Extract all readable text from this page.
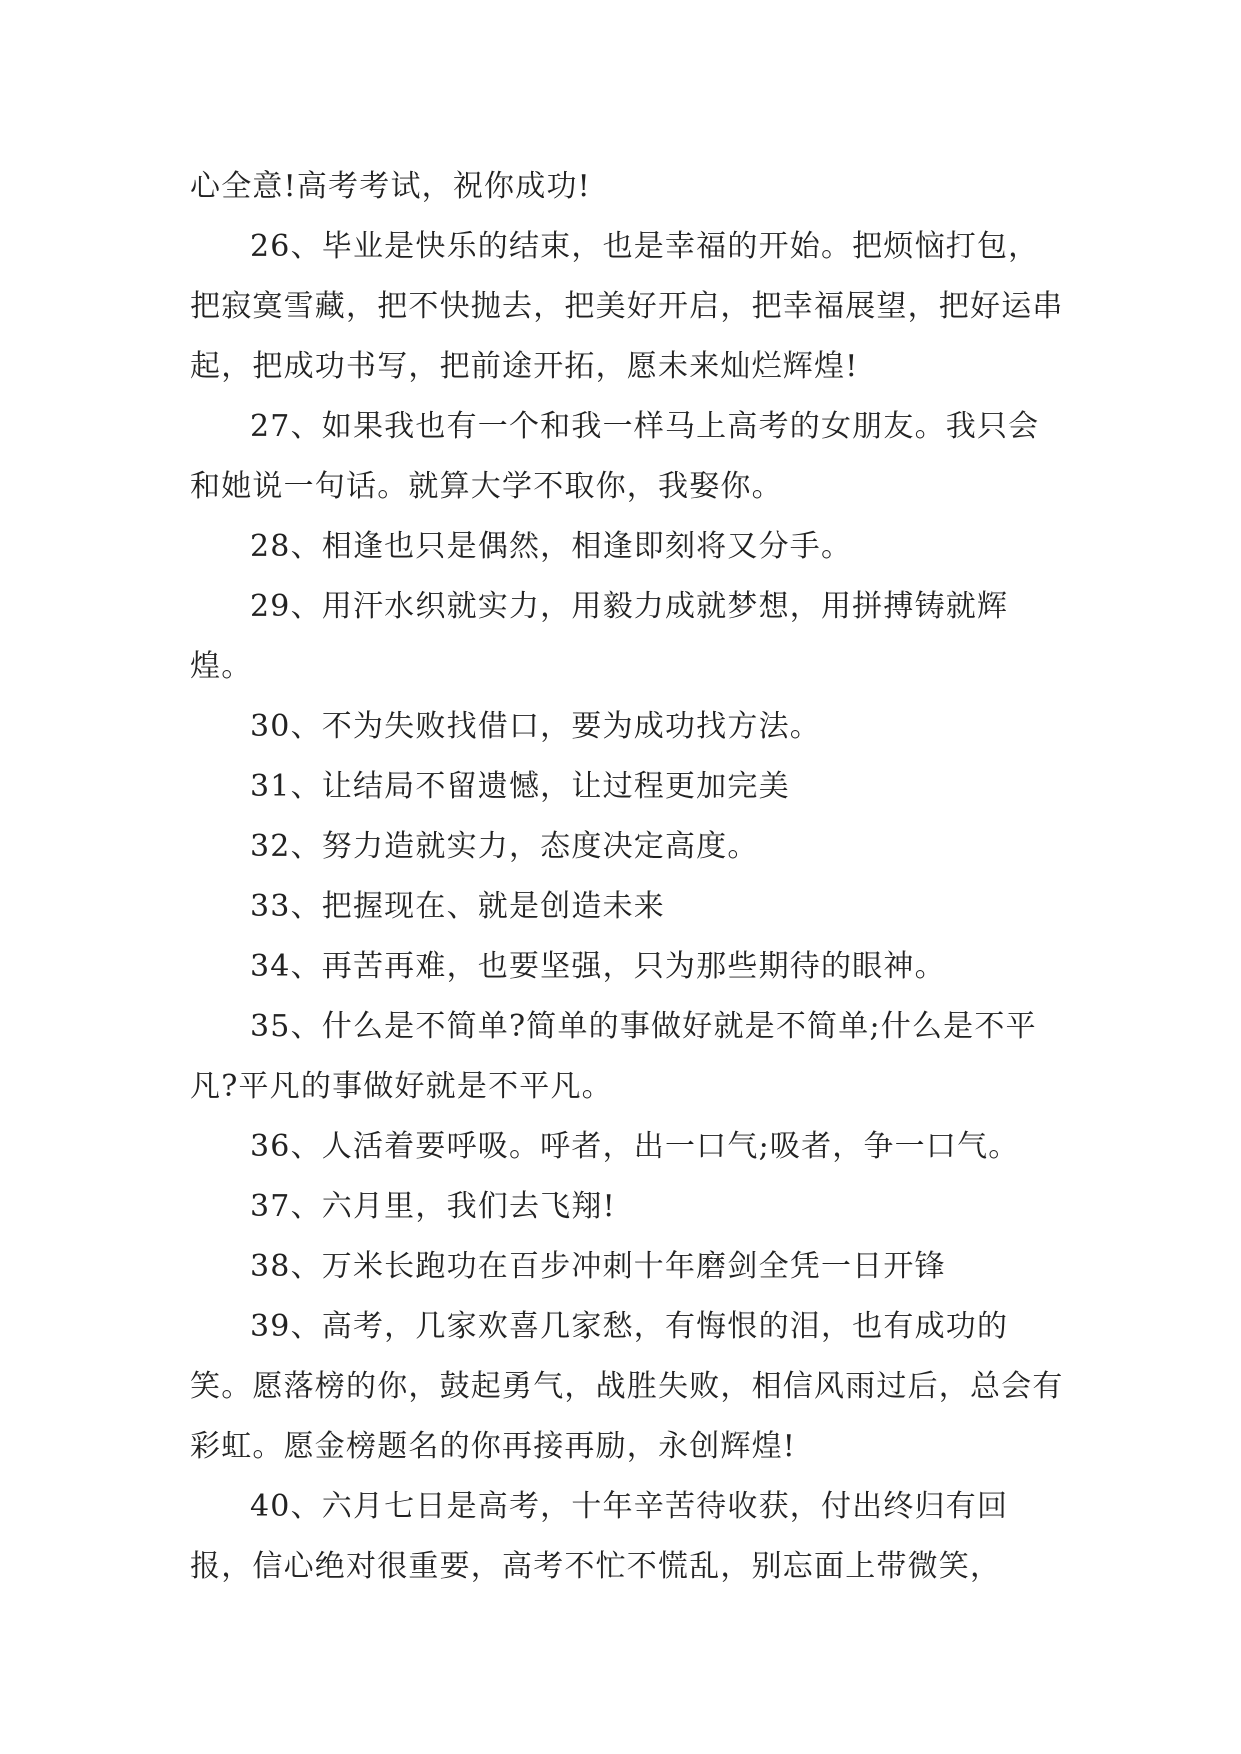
心全意!高考考试，祝你成功!

26、毕业是快乐的结束，也是幸福的开始。把烦恼打包，把寂寞雪藏，把不快抛去，把美好开启，把幸福展望，把好运串起，把成功书写，把前途开拓，愿未来灿烂辉煌!

27、如果我也有一个和我一样马上高考的女朋友。我只会和她说一句话。就算大学不取你，我娶你。

28、相逢也只是偶然，相逢即刻将又分手。

29、用汗水织就实力，用毅力成就梦想，用拼搏铸就辉煌。

30、不为失败找借口，要为成功找方法。

31、让结局不留遗憾，让过程更加完美

32、努力造就实力，态度决定高度。

33、把握现在、就是创造未来

34、再苦再难，也要坚强，只为那些期待的眼神。

35、什么是不简单?简单的事做好就是不简单;什么是不平凡?平凡的事做好就是不平凡。

36、人活着要呼吸。呼者，出一口气;吸者，争一口气。

37、六月里，我们去飞翔!

38、万米长跑功在百步冲刺十年磨剑全凭一日开锋

39、高考，几家欢喜几家愁，有悔恨的泪，也有成功的笑。愿落榜的你，鼓起勇气，战胜失败，相信风雨过后，总会有彩虹。愿金榜题名的你再接再励，永创辉煌!

40、六月七日是高考，十年辛苦待收获，付出终归有回报，信心绝对很重要，高考不忙不慌乱，别忘面上带微笑，
